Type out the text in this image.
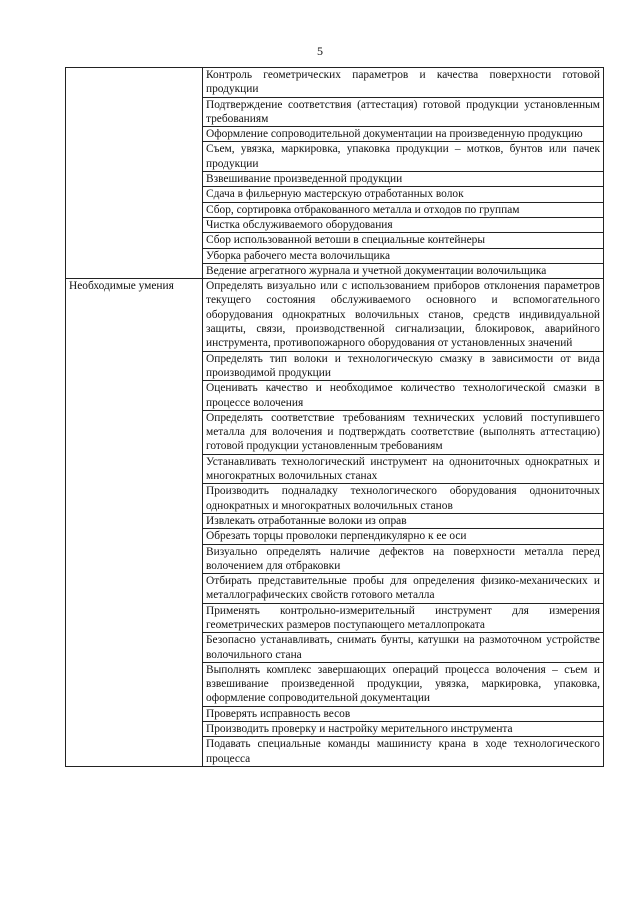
5
	Контроль геометрических параметров и качества поверхности готовой продукции
	Подтверждение соответствия (аттестация) готовой продукции установленным требованиям
	Оформление сопроводительной документации на произведенную продукцию
	Съем, увязка, маркировка, упаковка продукции – мотков, бунтов или пачек продукции
	Взвешивание произведенной продукции
	Сдача в фильерную мастерскую отработанных волок
	Сбор, сортировка отбракованного металла и отходов по группам
	Чистка обслуживаемого оборудования
	Сбор использованной ветоши в специальные контейнеры
	Уборка рабочего места волочильщика
	Ведение агрегатного журнала и учетной документации волочильщика
Необходимые умения	Определять визуально или с использованием приборов отклонения параметров текущего состояния обслуживаемого основного и вспомогательного оборудования однократных волочильных станов, средств индивидуальной защиты, связи, производственной сигнализации, блокировок, аварийного инструмента, противопожарного оборудования от установленных значений
	Определять тип волоки и технологическую смазку в зависимости от вида производимой продукции
	Оценивать качество и необходимое количество технологической смазки в процессе волочения
	Определять соответствие требованиям технических условий поступившего металла для волочения и подтверждать соответствие (выполнять аттестацию) готовой продукции установленным требованиям
	Устанавливать технологический инструмент на однониточных однократных и многократных волочильных станах
	Производить подналадку технологического оборудования однониточных однократных и многократных волочильных станов
	Извлекать отработанные волоки из оправ
	Обрезать торцы проволоки перпендикулярно к ее оси
	Визуально определять наличие дефектов на поверхности металла перед волочением для отбраковки
	Отбирать представительные пробы для определения физико-механических и металлографических свойств готового металла
	Применять контрольно-измерительный инструмент для измерения геометрических размеров поступающего металлопроката
	Безопасно устанавливать, снимать бунты, катушки на размоточном устройстве волочильного стана
	Выполнять комплекс завершающих операций процесса волочения – съем и взвешивание произведенной продукции, увязка, маркировка, упаковка, оформление сопроводительной документации
	Проверять исправность весов
	Производить проверку и настройку мерительного инструмента
	Подавать специальные команды машинисту крана в ходе технологического процесса
